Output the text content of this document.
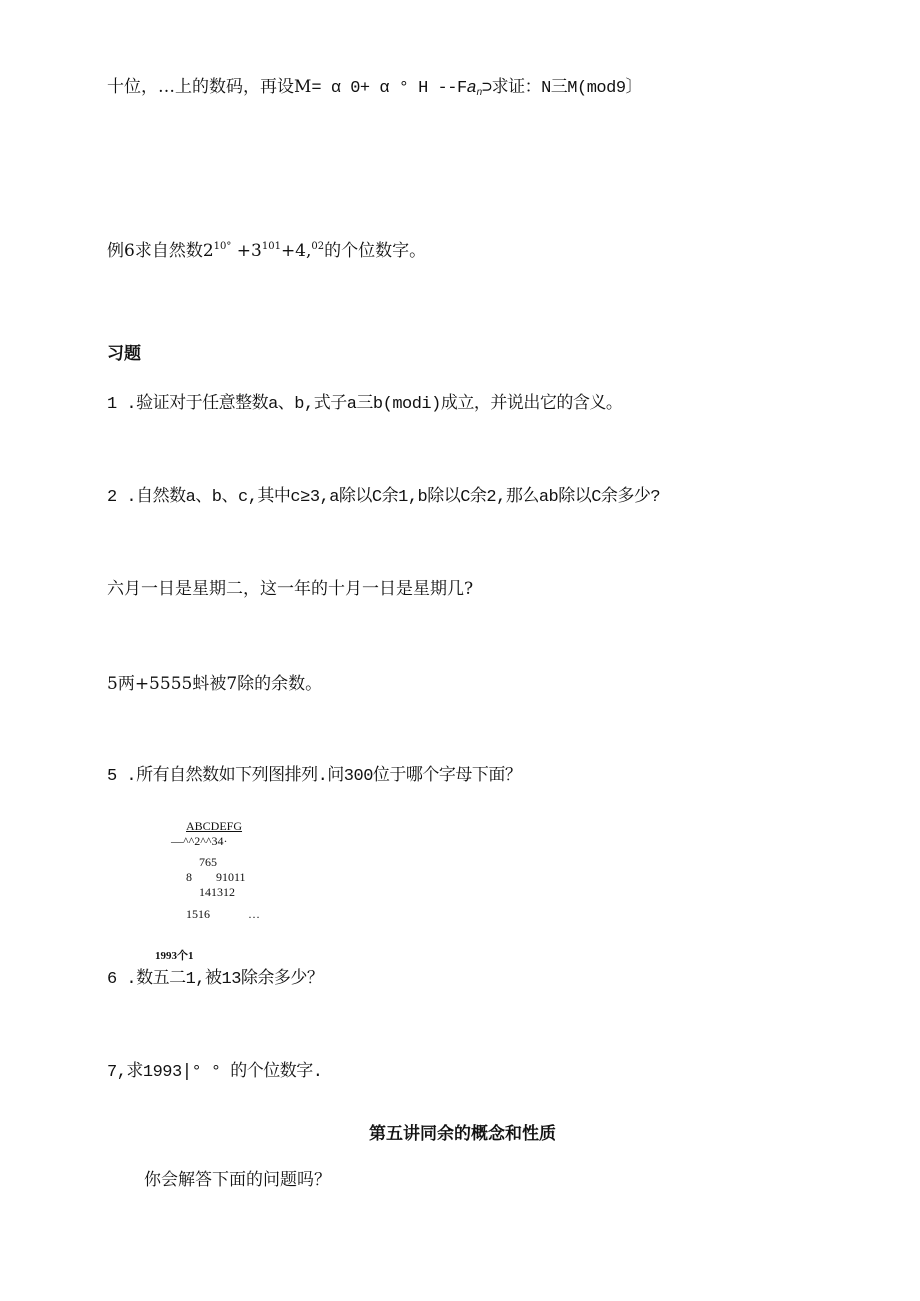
十位，…上的数码，再设M= α 0+ α ° H $--Fa_n⊃$求证：N三M(mod9〕
例6求自然数$2^{10^\circ} +3^{101}+4,02$的个位数字。
习题
1 .验证对于任意整数a、b,式子a三b(modi)成立，并说出它的含义。
2 .自然数a、b、c,其中c≥3,a除以C余1,b除以C余2,那么ab除以C余多少?
六月一日是星期二，这一年的十月一日是星期几?
5两+5555蚪被7除的余数。
5 .所有自然数如下列图排列.问300位于哪个字母下面？
ABCDEFG
—^^2^^34·
765
8 91011
141312
1516	…
1993个1
6 .数五二1,被13除余多少？
7,求1993∣° ° 的个位数字.
第五讲同余的概念和性质
你会解答下面的问题吗？
